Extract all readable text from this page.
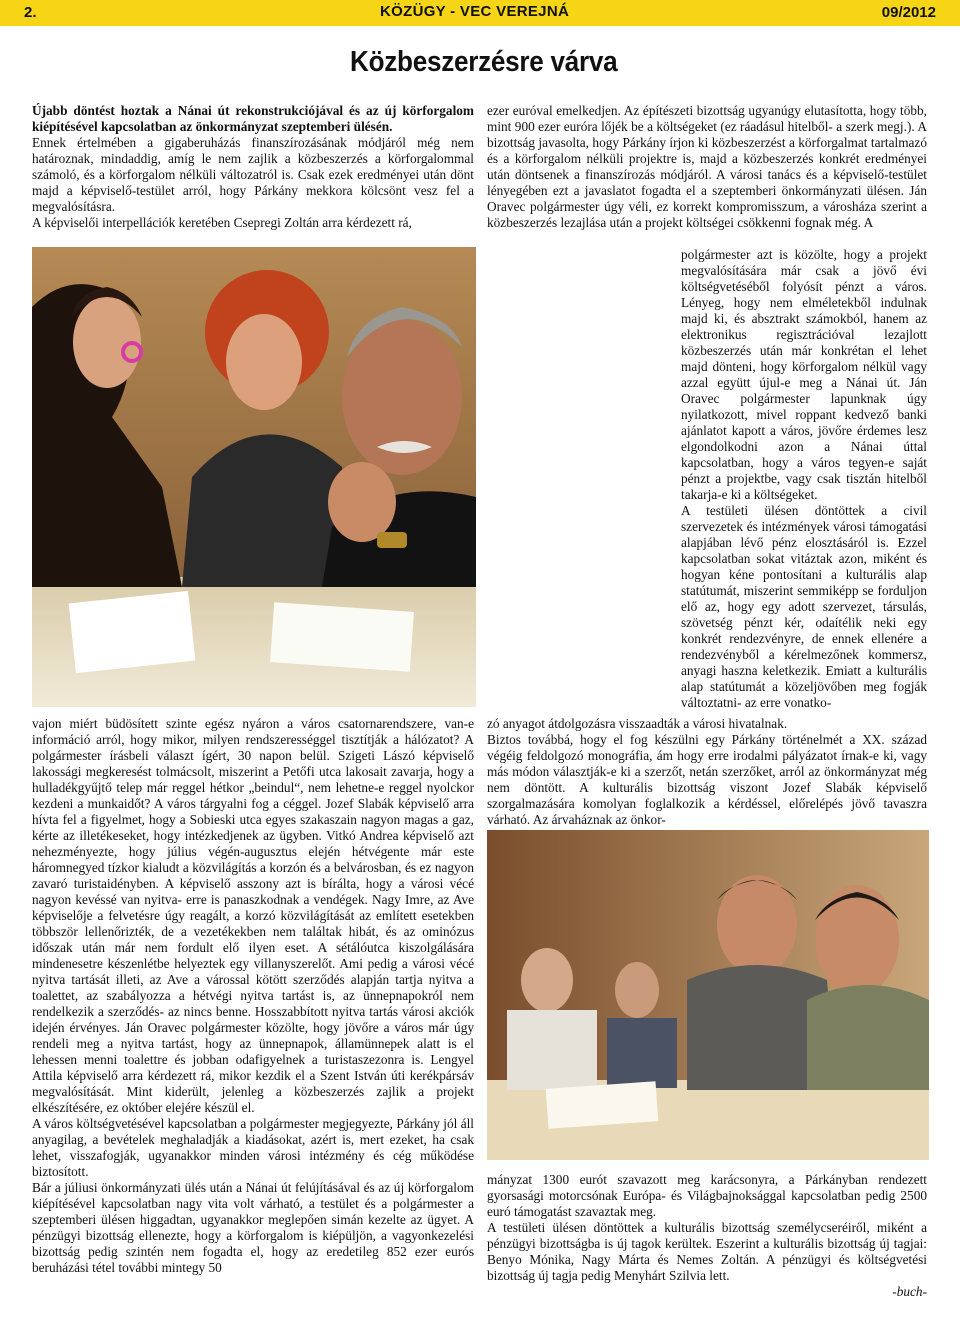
2.	KÖZÜGY - VEC VEREJNÁ	09/2012
Közbeszerzésre várva

Újabb döntést hoztak a Nánai út rekonstrukciójával és az új körforgalom kiépítésével kapcsolatban az önkormányzat szeptemberi ülésén.

Ennek értelmében a gigaberuházás finanszírozásának módjáról még nem határoznak, mindaddig, amíg le nem zajlik a közbeszerzés a körforgalommal számoló, és a körforgalom nélküli változatról is. Csak ezek eredményei után dönt majd a képviselő-testület arról, hogy Párkány mekkora kölcsönt vesz fel a megvalósításra.

A képviselői interpellációk keretében Csepregi Zoltán arra kérdezett rá,

vajon miért büdösített szinte egész nyáron a város csatornarendszere, van-e információ arról, hogy mikor, milyen rendszerességgel tisztítják a hálózatot? A polgármester írásbeli választ ígért, 30 napon belül. Szigeti Lászó képviselő lakossági megkeresést tolmácsolt, miszerint a Petőfi utca lakosait zavarja, hogy a hulladékgyűjtő telep már reggel hétkor „beindul“, nem lehetne-e reggel nyolckor kezdeni a munkaidőt? A város tárgyalni fog a céggel. Jozef Slabák képviselő arra hívta fel a figyelmet, hogy a Sobieski utca egyes szakaszain nagyon magas a gaz, kérte az illetékeseket, hogy intézkedjenek az ügyben. Vitkó Andrea képviselő azt nehezményezte, hogy július végén-augusztus elején hétvégente már este háromnegyed tízkor kialudt a közvilágítás a korzón és a belvárosban, és ez nagyon zavaró turistaidényben. A képviselő asszony azt is bírálta, hogy a városi vécé nagyon kevéssé van nyitva- erre is panaszkodnak a vendégek. Nagy Imre, az Ave képviselője a felvetésre úgy reagált, a korzó közvilágítását az említett esetekben többször lellenőrizték, de a vezetékekben nem találtak hibát, és az ominózus időszak után már nem fordult elő ilyen eset. A sétálóutca kiszolgálására mindenesetre készenlétbe helyeztek egy villanyszerelőt. Ami pedig a városi vécé nyitva tartását illeti, az Ave a várossal kötött szerződés alapján tartja nyitva a toalettet, az szabályozza a hétvégi nyitva tartást is, az ünnepnapokról nem rendelkezik a szerződés- az nincs benne. Hosszabbított nyitva tartás városi akciók idején érvényes. Ján Oravec polgármester közölte, hogy jövőre a város már úgy rendeli meg a nyitva tartást, hogy az ünnepnapok, államünnepek alatt is el lehessen menni toalettre és jobban odafigyelnek a turistaszezonra is. Lengyel Attila képviselő arra kérdezett rá, mikor kezdik el a Szent István úti kerékpársáv megvalósítását. Mint kiderült, jelenleg a közbeszerzés zajlik a projekt elkészítésére, ez október elejére készül el.

A város költségvetésével kapcsolatban a polgármester megjegyezte, Párkány jól áll anyagilag, a bevételek meghaladják a kiadásokat, azért is, mert ezeket, ha csak lehet, visszafogják, ugyanakkor minden városi intézmény és cég működése biztosított.

Bár a júliusi önkormányzati ülés után a Nánai út felújításával és az új körforgalom kiépítésével kapcsolatban nagy vita volt várható, a testület és a polgármester a szeptemberi ülésen higgadtan, ugyanakkor meglepően simán kezelte az ügyet. A pénzügyi bizottság ellenezte, hogy a körforgalom is kiépüljön, a vagyonkezelési bizottság pedig szintén nem fogadta el, hogy az eredetileg 852 ezer eurós beruházási tétel további mintegy 50

ezer euróval emelkedjen. Az építészeti bizottság ugyanúgy elutasította, hogy több, mint 900 ezer euróra lőjék be a költségeket (ez ráadásul hitelből- a szerk megj.). A bizottság javasolta, hogy Párkány írjon ki közbeszerzést a körforgalmat tartalmazó és a körforgalom nélküli projektre is, majd a közbeszerzés konkrét eredményei után döntsenek a finanszírozás módjáról. A városi tanács és a képviselő-testület lényegében ezt a javaslatot fogadta el a szeptemberi önkormányzati ülésen. Ján Oravec polgármester úgy véli, ez korrekt kompromisszum, a városháza szerint a közbeszerzés lezajlása után a projekt költségei csökkenni fognak még. A

polgármester azt is közölte, hogy a projekt megvalósítására már csak a jövő évi költségvetéséből folyósít pénzt a város. Lényeg, hogy nem elméletekből indulnak majd ki, és absztrakt számokból, hanem az elektronikus regisztrációval lezajlott közbeszerzés után már konkrétan el lehet majd dönteni, hogy körforgalom nélkül vagy azzal együtt újul-e meg a Nánai út. Ján Oravec polgármester lapunknak úgy nyilatkozott, mivel roppant kedvező banki ajánlatot kapott a város, jövőre érdemes lesz elgondolkodni azon a Nánai úttal kapcsolatban, hogy a város tegyen-e saját pénzt a projektbe, vagy csak tisztán hitelből takarja-e ki a költségeket.

A testületi ülésen döntöttek a civil szervezetek és intézmények városi támogatási alapjában lévő pénz elosztásáról is. Ezzel kapcsolatban sokat vitáztak azon, miként és hogyan kéne pontosítani a kulturális alap statútumát, miszerint semmiképp se forduljon elő az, hogy egy adott szervezet, társulás, szövetség pénzt kér, odaítélik neki egy konkrét rendezvényre, de ennek ellenére a rendezvényből a kérelmezőnek kommersz, anyagi haszna keletkezik. Emiatt a kulturális alap statútumát a közeljövőben meg fogják változtatni- az erre vonatko-

zó anyagot átdolgozásra visszaadták a városi hivatalnak.

Biztos továbbá, hogy el fog készülni egy Párkány történelmét a XX. század végéig feldolgozó monográfia, ám hogy erre irodalmi pályázatot írnak-e ki, vagy más módon választják-e ki a szerzőt, netán szerzőket, arról az önkormányzat még nem döntött. A kulturális bizottság viszont Jozef Slabák képviselő szorgalmazására komolyan foglalkozik a kérdéssel, előrelépés jövő tavaszra várható. Az árvaháznak az önkor-

mányzat 1300 eurót szavazott meg karácsonyra, a Párkányban rendezett gyorsasági motorcsónak Európa- és Világbajnoksággal kapcsolatban pedig 2500 euró támogatást szavaztak meg.

A testületi ülésen döntöttek a kulturális bizottság személycseréiről, miként a pénzügyi bizottságba is új tagok kerültek. Eszerint a kulturális bizottság új tagjai: Benyo Mónika, Nagy Márta és Nemes Zoltán. A pénzügyi és költségvetési bizottság új tagja pedig Menyhárt Szilvia lett.

-buch-
